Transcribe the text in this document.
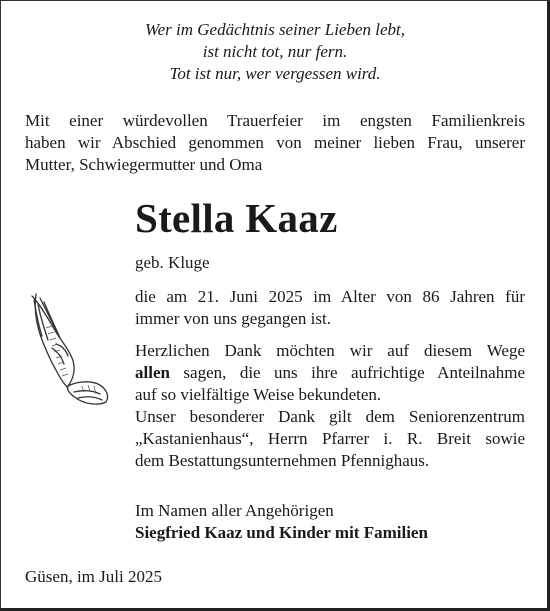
Wer im Gedächtnis seiner Lieben lebt,
ist nicht tot, nur fern.
Tot ist nur, wer vergessen wird.
Mit einer würdevollen Trauerfeier im engsten Familienkreis
haben wir Abschied genommen von meiner lieben Frau, unserer
Mutter, Schwiegermutter und Oma
Stella Kaaz
geb. Kluge
die am 21. Juni 2025 im Alter von 86 Jahren für
immer von uns gegangen ist.
Herzlichen Dank möchten wir auf diesem Wege
allen sagen, die uns ihre aufrichtige Anteilnahme
auf so vielfältige Weise bekundeten.
Unser besonderer Dank gilt dem Seniorenzentrum
„Kastanienhaus“, Herrn Pfarrer i. R. Breit sowie
dem Bestattungsunternehmen Pfennighaus.
Im Namen aller Angehörigen
Siegfried Kaaz und Kinder mit Familien
Güsen, im Juli 2025
